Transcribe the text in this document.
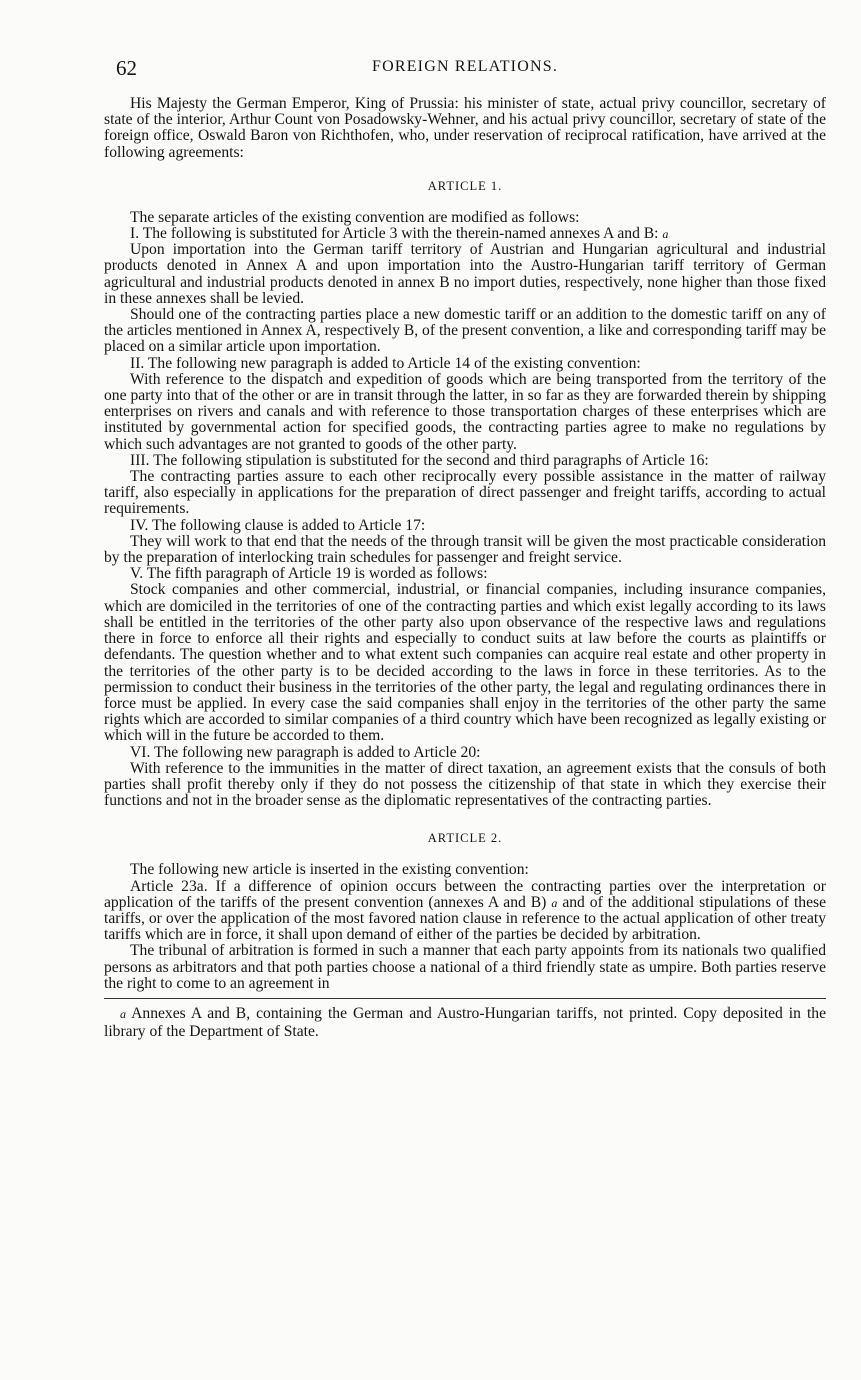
62	FOREIGN RELATIONS.

His Majesty the German Emperor, King of Prussia: his minister of state, actual privy councillor, secretary of state of the interior, Arthur Count von Posadowsky-Wehner, and his actual privy councillor, secretary of state of the foreign office, Oswald Baron von Richthofen, who, under reservation of reciprocal ratification, have arrived at the following agreements:

ARTICLE 1.

The separate articles of the existing convention are modified as follows:

I. The following is substituted for Article 3 with the therein-named annexes A and B: a

Upon importation into the German tariff territory of Austrian and Hungarian agricultural and industrial products denoted in Annex A and upon importation into the Austro-Hungarian tariff territory of German agricultural and industrial products denoted in annex B no import duties, respectively, none higher than those fixed in these annexes shall be levied.

Should one of the contracting parties place a new domestic tariff or an addition to the domestic tariff on any of the articles mentioned in Annex A, respectively B, of the present convention, a like and corresponding tariff may be placed on a similar article upon importation.

II. The following new paragraph is added to Article 14 of the existing convention:

With reference to the dispatch and expedition of goods which are being transported from the territory of the one party into that of the other or are in transit through the latter, in so far as they are forwarded therein by shipping enterprises on rivers and canals and with reference to those transportation charges of these enterprises which are instituted by governmental action for specified goods, the contracting parties agree to make no regulations by which such advantages are not granted to goods of the other party.

III. The following stipulation is substituted for the second and third paragraphs of Article 16:

The contracting parties assure to each other reciprocally every possible assistance in the matter of railway tariff, also especially in applications for the preparation of direct passenger and freight tariffs, according to actual requirements.

IV. The following clause is added to Article 17:

They will work to that end that the needs of the through transit will be given the most practicable consideration by the preparation of interlocking train schedules for passenger and freight service.

V. The fifth paragraph of Article 19 is worded as follows:

Stock companies and other commercial, industrial, or financial companies, including insurance companies, which are domiciled in the territories of one of the contracting parties and which exist legally according to its laws shall be entitled in the territories of the other party also upon observance of the respective laws and regulations there in force to enforce all their rights and especially to conduct suits at law before the courts as plaintiffs or defendants. The question whether and to what extent such companies can acquire real estate and other property in the territories of the other party is to be decided according to the laws in force in these territories. As to the permission to conduct their business in the territories of the other party, the legal and regulating ordinances there in force must be applied. In every case the said companies shall enjoy in the territories of the other party the same rights which are accorded to similar companies of a third country which have been recognized as legally existing or which will in the future be accorded to them.

VI. The following new paragraph is added to Article 20:

With reference to the immunities in the matter of direct taxation, an agreement exists that the consuls of both parties shall profit thereby only if they do not possess the citizenship of that state in which they exercise their functions and not in the broader sense as the diplomatic representatives of the contracting parties.

ARTICLE 2.

The following new article is inserted in the existing convention:

Article 23a. If a difference of opinion occurs between the contracting parties over the interpretation or application of the tariffs of the present convention (annexes A and B) a and of the additional stipulations of these tariffs, or over the application of the most favored nation clause in reference to the actual application of other treaty tariffs which are in force, it shall upon demand of either of the parties be decided by arbitration.

The tribunal of arbitration is formed in such a manner that each party appoints from its nationals two qualified persons as arbitrators and that poth parties choose a national of a third friendly state as umpire. Both parties reserve the right to come to an agreement in

a Annexes A and B, containing the German and Austro-Hungarian tariffs, not printed. Copy deposited in the library of the Department of State.
